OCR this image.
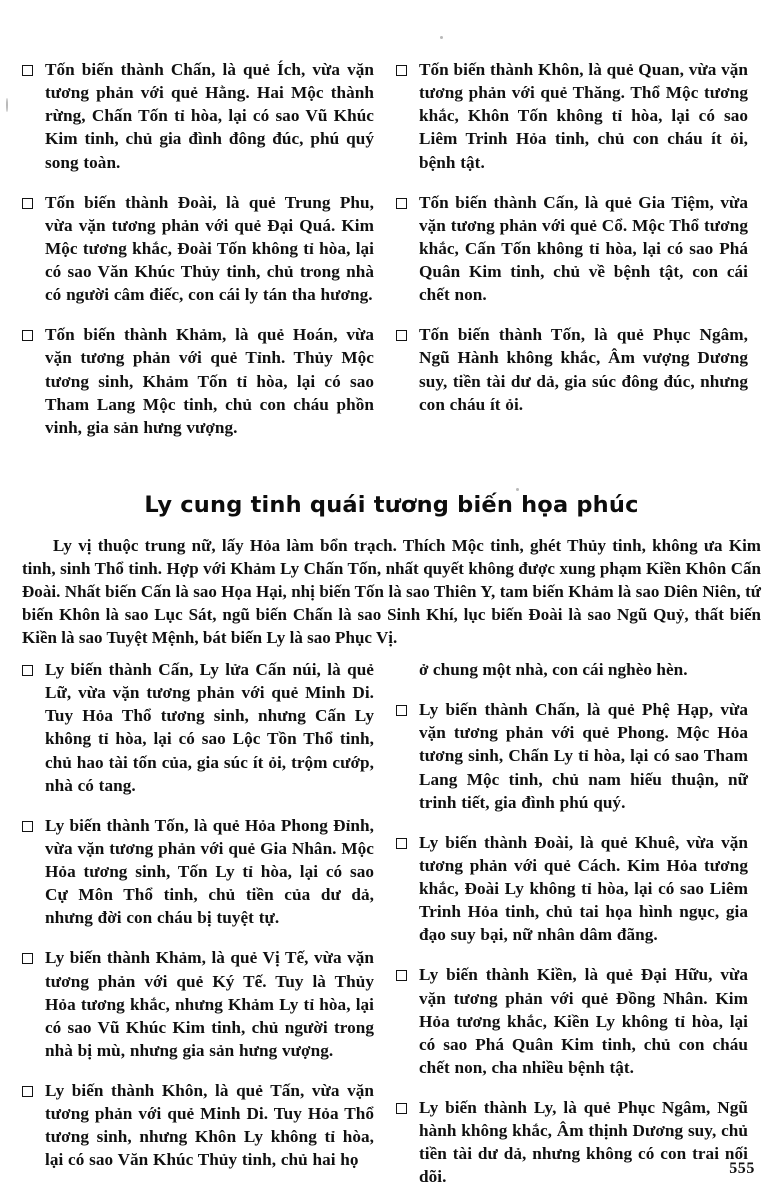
Tốn biến thành Chấn, là quẻ Ích, vừa vặn tương phản với quẻ Hằng. Hai Mộc thành rừng, Chấn Tốn tỉ hòa, lại có sao Vũ Khúc Kim tinh, chủ gia đình đông đúc, phú quý song toàn.
Tốn biến thành Đoài, là quẻ Trung Phu, vừa vặn tương phản với quẻ Đại Quá. Kim Mộc tương khắc, Đoài Tốn không tỉ hòa, lại có sao Văn Khúc Thủy tinh, chủ trong nhà có người câm điếc, con cái ly tán tha hương.
Tốn biến thành Khảm, là quẻ Hoán, vừa vặn tương phản với quẻ Tỉnh. Thủy Mộc tương sinh, Khảm Tốn tỉ hòa, lại có sao Tham Lang Mộc tinh, chủ con cháu phồn vinh, gia sản hưng vượng.
Tốn biến thành Khôn, là quẻ Quan, vừa vặn tương phản với quẻ Thăng. Thổ Mộc tương khắc, Khôn Tốn không tỉ hòa, lại có sao Liêm Trinh Hỏa tinh, chủ con cháu ít ỏi, bệnh tật.
Tốn biến thành Cấn, là quẻ Gia Tiệm, vừa vặn tương phản với quẻ Cổ. Mộc Thổ tương khắc, Cấn Tốn không tỉ hòa, lại có sao Phá Quân Kim tinh, chủ về bệnh tật, con cái chết non.
Tốn biến thành Tốn, là quẻ Phục Ngâm, Ngũ Hành không khắc, Âm vượng Dương suy, tiền tài dư dả, gia súc đông đúc, nhưng con cháu ít ỏi.
Ly cung tinh quái tương biến họa phúc
Ly vị thuộc trung nữ, lấy Hỏa làm bổn trạch. Thích Mộc tinh, ghét Thủy tinh, không ưa Kim tinh, sinh Thổ tinh. Hợp với Khảm Ly Chấn Tốn, nhất quyết không được xung phạm Kiền Khôn Cấn Đoài. Nhất biến Cấn là sao Họa Hại, nhị biến Tốn là sao Thiên Y, tam biến Khảm là sao Diên Niên, tứ biến Khôn là sao Lục Sát, ngũ biến Chấn là sao Sinh Khí, lục biến Đoài là sao Ngũ Quỷ, thất biến Kiền là sao Tuyệt Mệnh, bát biến Ly là sao Phục Vị.
Ly biến thành Cấn, Ly lửa Cấn núi, là quẻ Lữ, vừa vặn tương phản với quẻ Minh Di. Tuy Hỏa Thổ tương sinh, nhưng Cấn Ly không tỉ hòa, lại có sao Lộc Tồn Thổ tinh, chủ hao tài tốn của, gia súc ít ỏi, trộm cướp, nhà có tang.
Ly biến thành Tốn, là quẻ Hỏa Phong Đỉnh, vừa vặn tương phản với quẻ Gia Nhân. Mộc Hỏa tương sinh, Tốn Ly tỉ hòa, lại có sao Cự Môn Thổ tinh, chủ tiền của dư dả, nhưng đời con cháu bị tuyệt tự.
Ly biến thành Khảm, là quẻ Vị Tế, vừa vặn tương phản với quẻ Ký Tế. Tuy là Thủy Hỏa tương khắc, nhưng Khảm Ly tỉ hòa, lại có sao Vũ Khúc Kim tinh, chủ người trong nhà bị mù, nhưng gia sản hưng vượng.
Ly biến thành Khôn, là quẻ Tấn, vừa vặn tương phản với quẻ Minh Di. Tuy Hỏa Thổ tương sinh, nhưng Khôn Ly không tỉ hòa, lại có sao Văn Khúc Thủy tinh, chủ hai họ
ở chung một nhà, con cái nghèo hèn.
Ly biến thành Chấn, là quẻ Phệ Hạp, vừa vặn tương phản với quẻ Phong. Mộc Hỏa tương sinh, Chấn Ly tỉ hòa, lại có sao Tham Lang Mộc tinh, chủ nam hiếu thuận, nữ trinh tiết, gia đình phú quý.
Ly biến thành Đoài, là quẻ Khuê, vừa vặn tương phản với quẻ Cách. Kim Hỏa tương khắc, Đoài Ly không tỉ hòa, lại có sao Liêm Trinh Hỏa tinh, chủ tai họa hình ngục, gia đạo suy bại, nữ nhân dâm đãng.
Ly biến thành Kiền, là quẻ Đại Hữu, vừa vặn tương phản với quẻ Đồng Nhân. Kim Hỏa tương khắc, Kiền Ly không tỉ hòa, lại có sao Phá Quân Kim tinh, chủ con cháu chết non, cha nhiều bệnh tật.
Ly biến thành Ly, là quẻ Phục Ngâm, Ngũ hành không khắc, Âm thịnh Dương suy, chủ tiền tài dư dả, nhưng không có con trai nối dõi.	555
